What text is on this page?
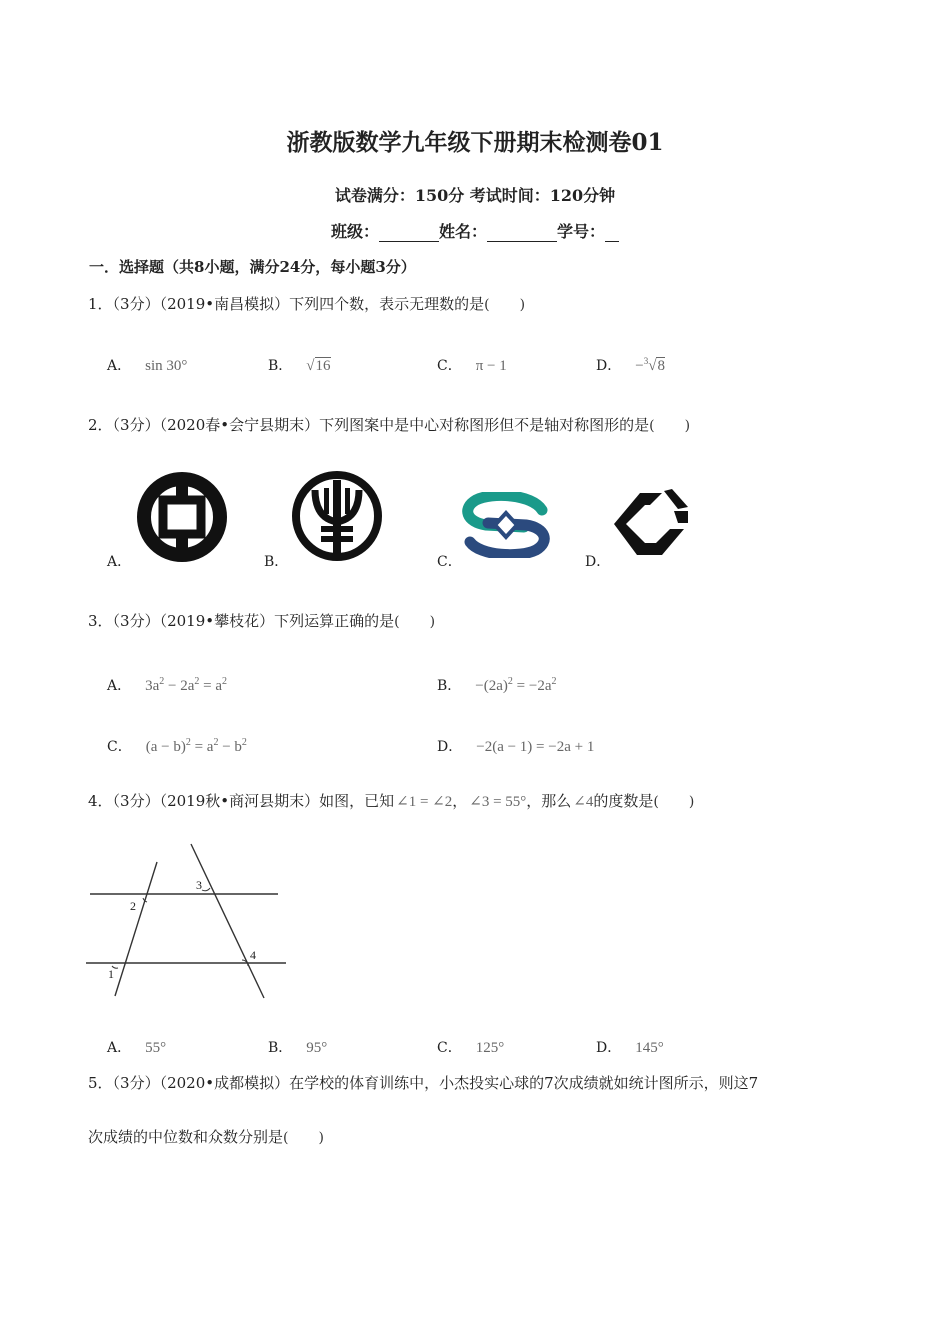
浙教版数学九年级下册期末检测卷01
试卷满分：150分 考试时间：120分钟
班级：	姓名：	学号：
一．选择题（共8小题，满分24分，每小题3分）
1．（3分）（2019•南昌模拟）下列四个数，表示无理数的是( )
A． sin 30°	B． √16	C． π − 1	D． −$^3$√8
2．（3分）（2020春•会宁县期末）下列图案中是中心对称图形但不是轴对称图形的是( )
A．	B．	C．	D．
3．（3分）（2019•攀枝花）下列运算正确的是( )
A． $3a^2 - 2a^2 = a^2$	B． $-(2a)^2 = -2a^2$
C． $(a - b)^2 = a^2 - b^2$	D． −2(a − 1) = −2a + 1
4．（3分）（2019秋•商河县期末）如图，已知 ∠1 = ∠2， ∠3 = 55°，那么 ∠4的度数是( )
1
2
3
4
A． 55°	B． 95°	C． 125°	D． 145°
5．（3分）（2020•成都模拟）在学校的体育训练中，小杰投实心球的7次成绩就如统计图所示，则这7
次成绩的中位数和众数分别是( )
